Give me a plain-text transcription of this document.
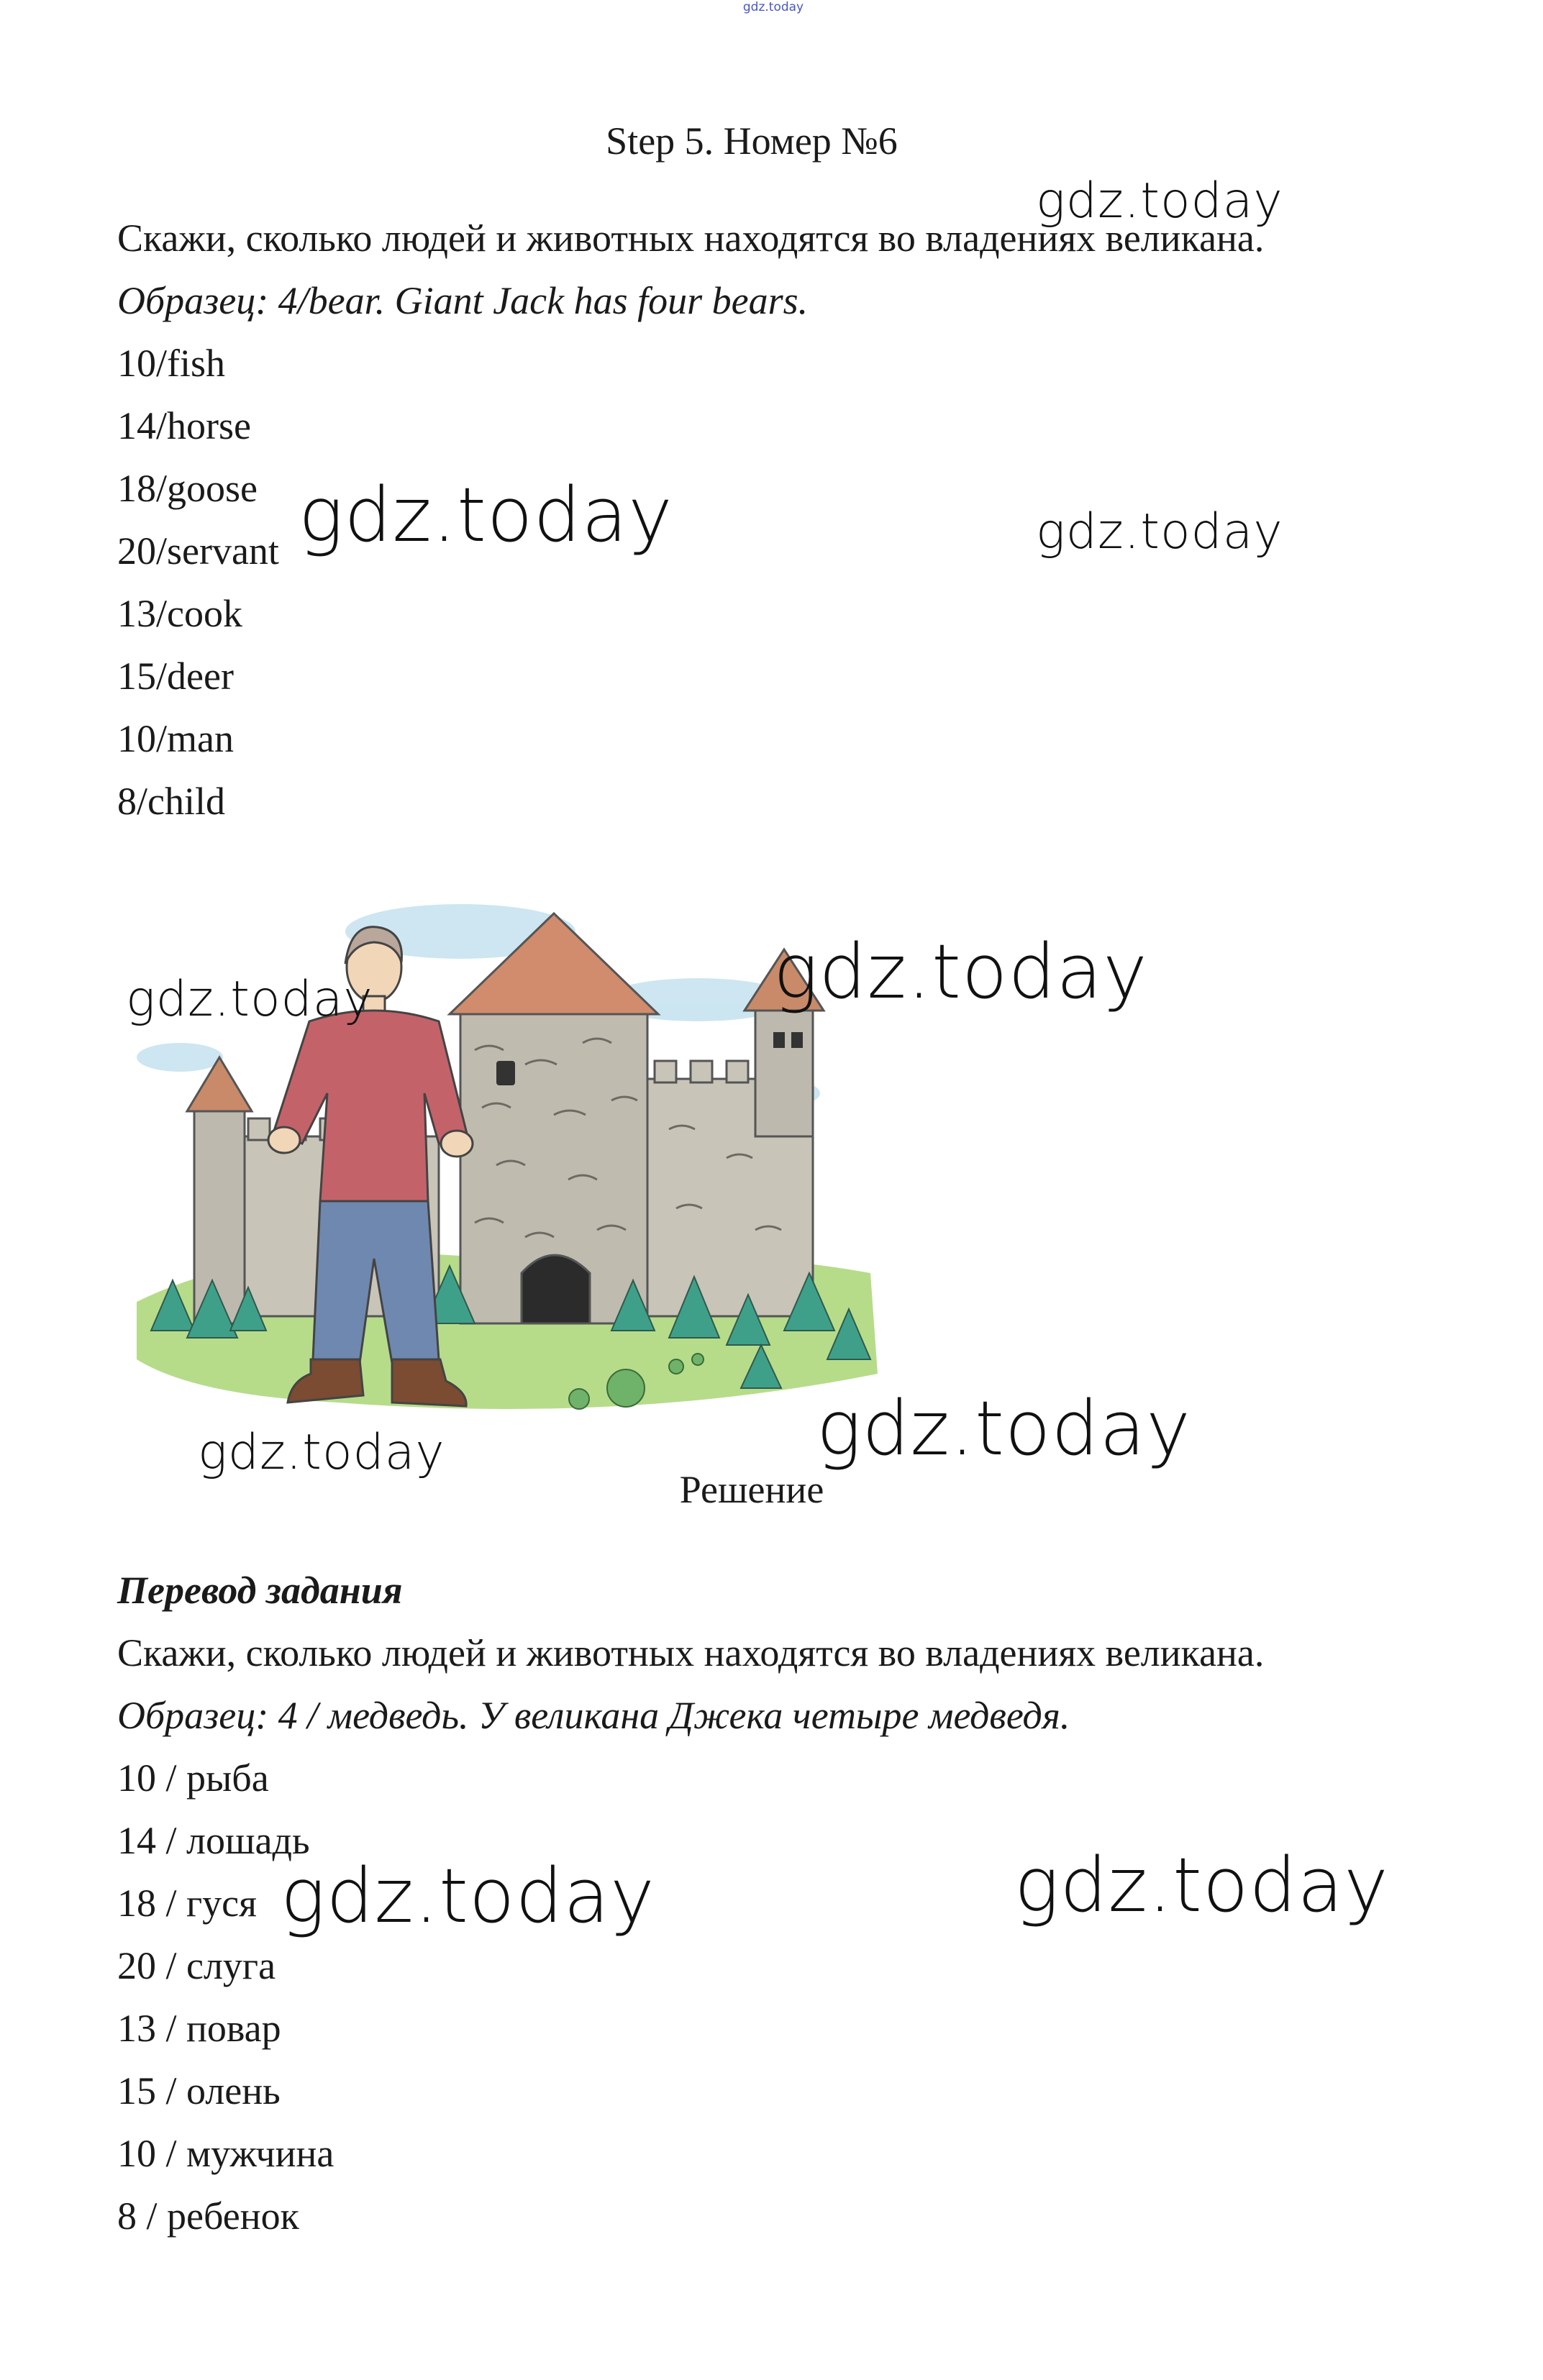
gdz.today
Step 5. Номер №6
Скажи, сколько людей и животных находятся во владениях великана.
Образец: 4/bear. Giant Jack has four bears.
10/fish
14/horse
18/goose
20/servant
13/cook
15/deer
10/man
8/child
Решение
Перевод задания
Скажи, сколько людей и животных находятся во владениях великана.
Образец: 4 / медведь. У великана Джека четыре медведя.
10 / рыба
14 / лошадь
18 / гуся
20 / слуга
13 / повар
15 / олень
10 / мужчина
8 / ребенок
gdz.today
gdz.today	gdz.today
gdz.today	gdz.today
gdz.today	gdz.today
gdz.today	gdz.today
